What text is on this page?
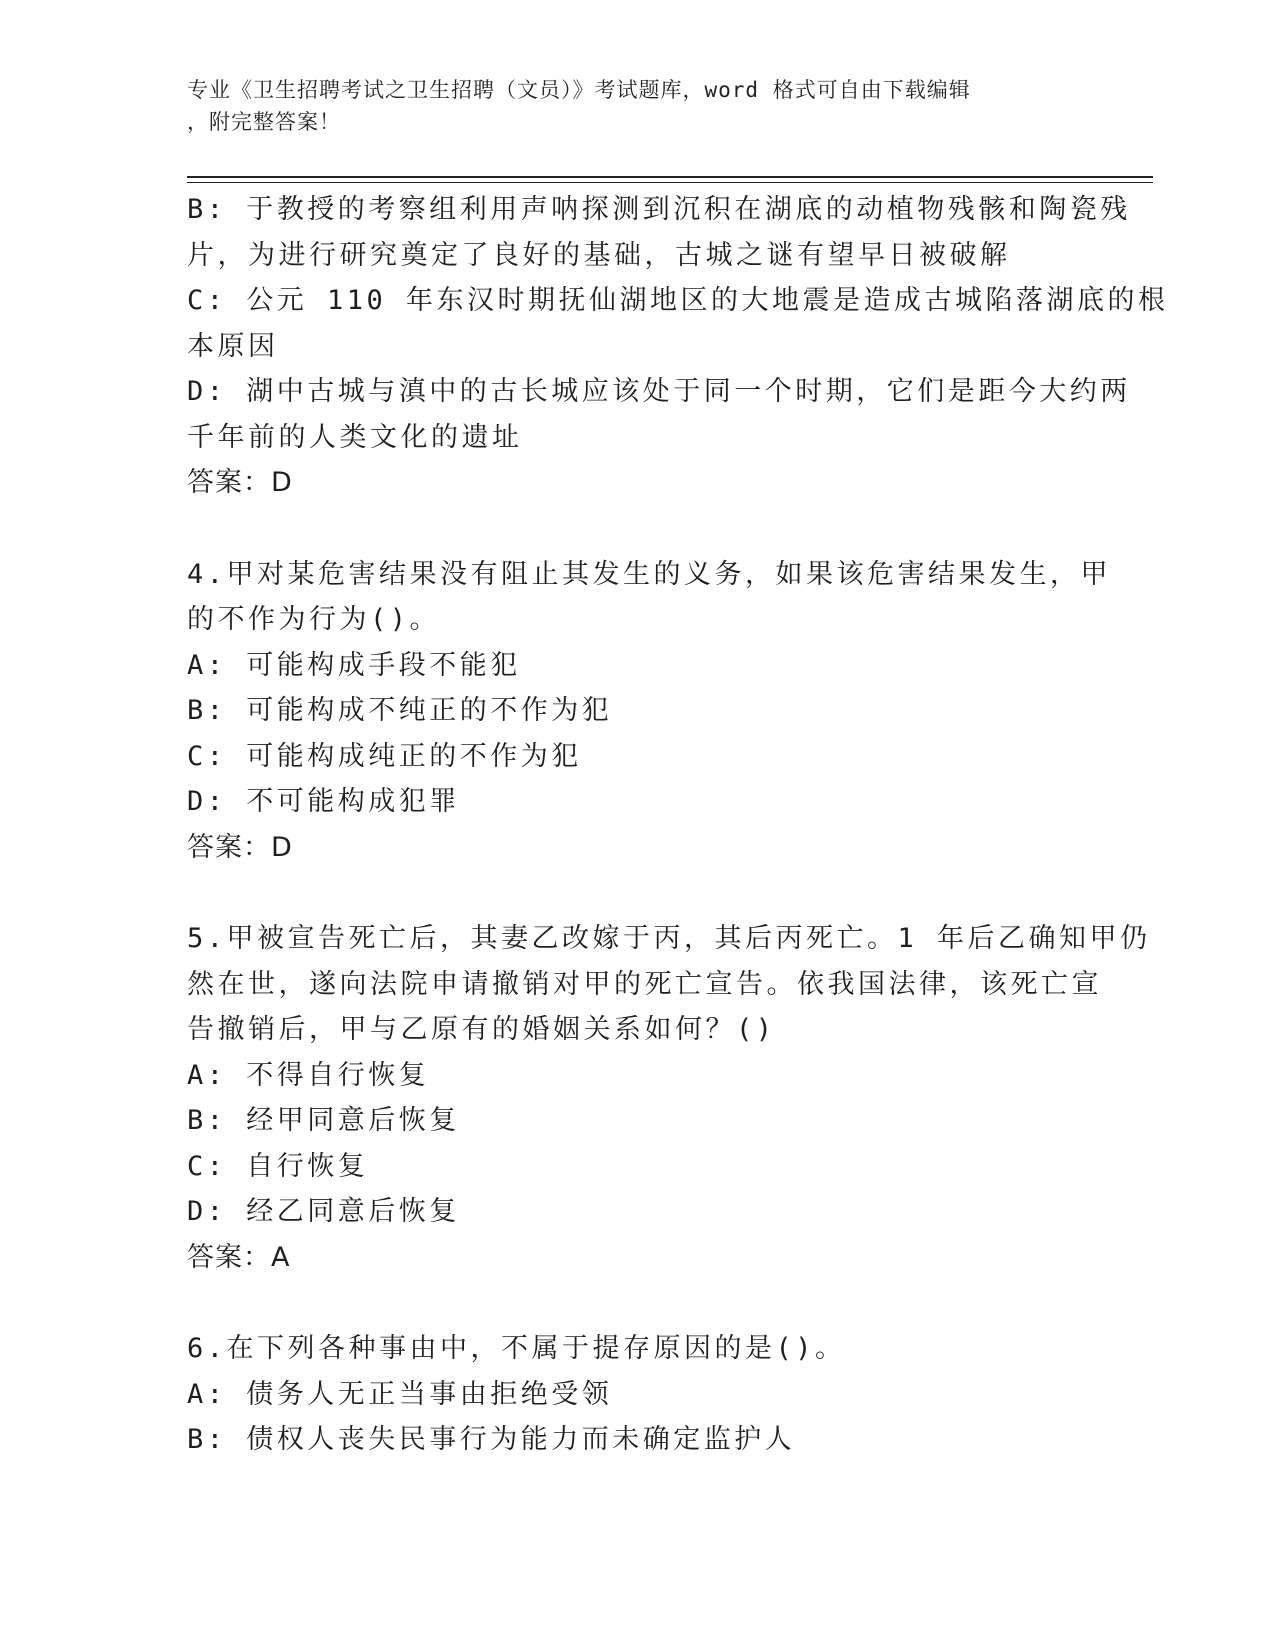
专业《卫生招聘考试之卫生招聘（文员）》考试题库，word 格式可自由下载编辑
，附完整答案！
B: 于教授的考察组利用声呐探测到沉积在湖底的动植物残骸和陶瓷残
片，为进行研究奠定了良好的基础，古城之谜有望早日被破解
C: 公元 110 年东汉时期抚仙湖地区的大地震是造成古城陷落湖底的根
本原因
D: 湖中古城与滇中的古长城应该处于同一个时期，它们是距今大约两
千年前的人类文化的遗址
答案：D
4.甲对某危害结果没有阻止其发生的义务，如果该危害结果发生，甲
的不作为行为()。
A: 可能构成手段不能犯
B: 可能构成不纯正的不作为犯
C: 可能构成纯正的不作为犯
D: 不可能构成犯罪
答案：D
5.甲被宣告死亡后，其妻乙改嫁于丙，其后丙死亡。1 年后乙确知甲仍
然在世，遂向法院申请撤销对甲的死亡宣告。依我国法律，该死亡宣
告撤销后，甲与乙原有的婚姻关系如何？()
A: 不得自行恢复
B: 经甲同意后恢复
C: 自行恢复
D: 经乙同意后恢复
答案：A
6.在下列各种事由中，不属于提存原因的是()。
A: 债务人无正当事由拒绝受领
B: 债权人丧失民事行为能力而未确定监护人
